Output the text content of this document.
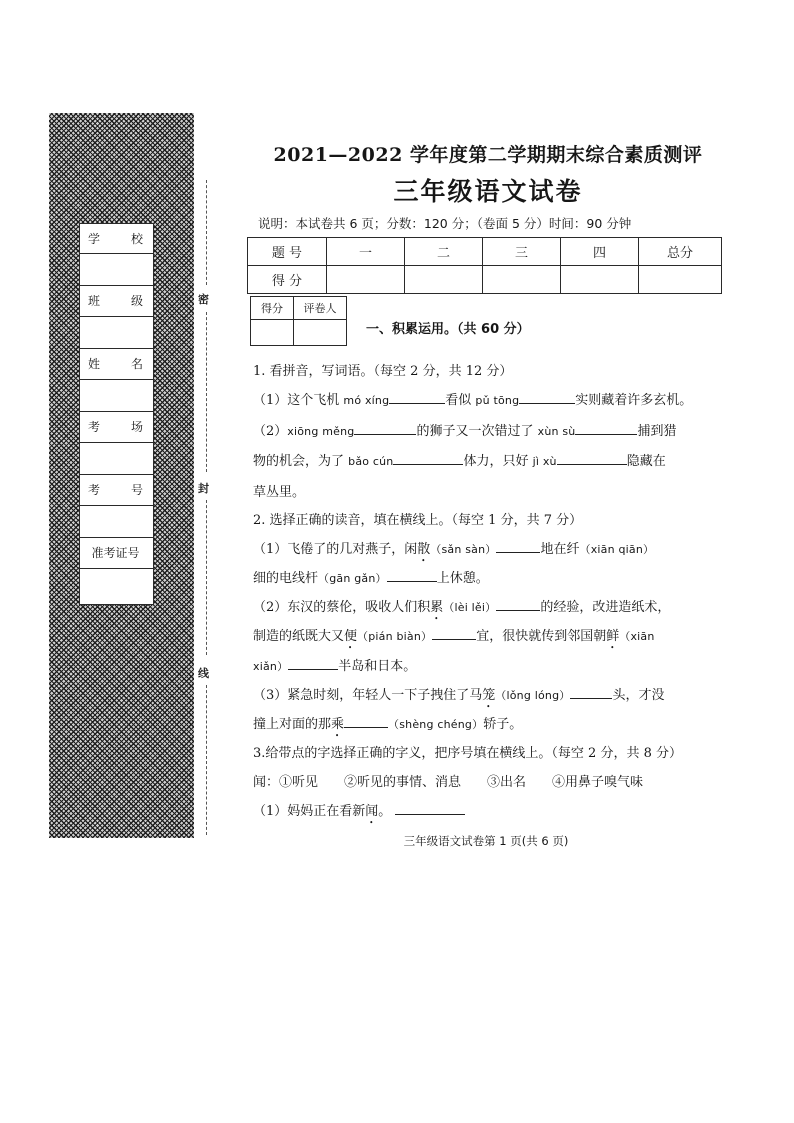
学	校
班	级
姓	名
考	场
考	号
准考证号
密
封
线
2021—2022 学年度第二学期期末综合素质测评
三年级语文试卷
说明：本试卷共 6 页；分数：120 分；（卷面 5 分）时间：90 分钟
题 号	一	二	三	四	总分
得 分					
得分	评卷人

一、积累运用。（共 60 分）
1. 看拼音，写词语。（每空 2 分，共 12 分）
（1）这个飞机 mó xíng	看似 pǔ tōng	实则藏着许多玄机。
（2）xiōng měng	的狮子又一次错过了 xùn sù	捕到猎
物的机会，为了 bǎo cún	体力，只好 jì xù	隐藏在
草丛里。
2. 选择正确的读音，填在横线上。（每空 1 分，共 7 分）
（1）飞倦了的几对燕子，闲散（sǎn sàn）	地在纤（xiān qiān）
细的电线杆（gān gǎn）	上休憩。
（2）东汉的蔡伦，吸收人们积累（lèi lěi）	的经验，改进造纸术，
制造的纸既大又便（pián biàn）	宜，很快就传到邻国朝鲜（xiān
xiǎn）	半岛和日本。
（3）紧急时刻，年轻人一下子拽住了马笼（lǒng lóng）	头，才没
撞上对面的那乘	（shèng chéng）轿子。
3.给带点的字选择正确的字义，把序号填在横线上。（每空 2 分，共 8 分）
闻：①听见　　②听见的事情、消息　　③出名　　④用鼻子嗅气味
（1）妈妈正在看新闻。
三年级语文试卷第 1 页(共 6 页)
